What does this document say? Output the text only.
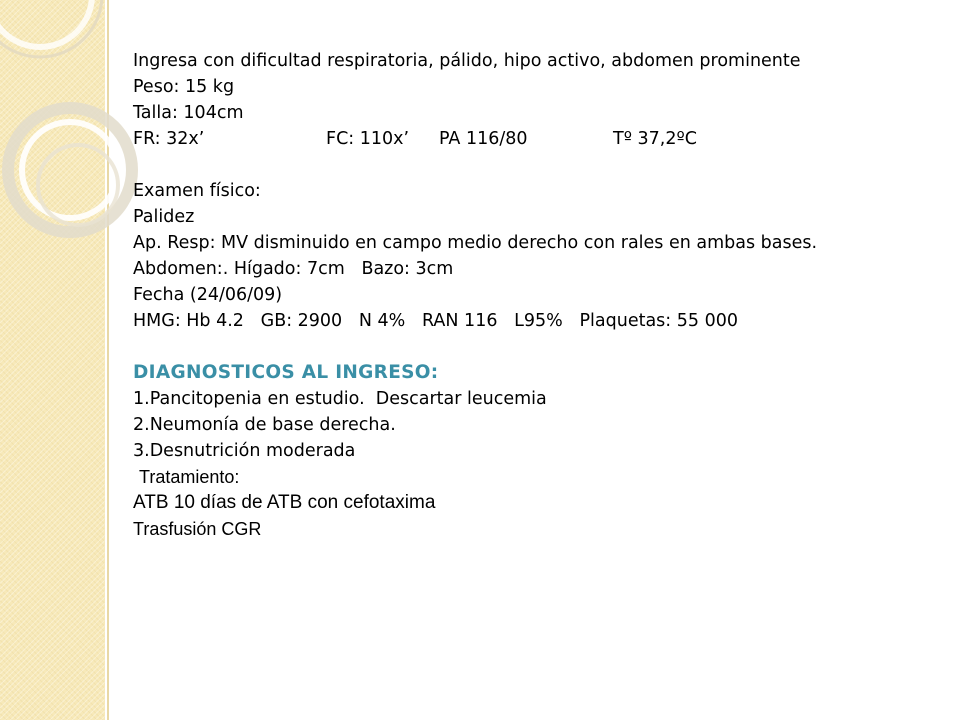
Ingresa con dificultad respiratoria, pálido, hipo activo, abdomen prominente
Peso: 15 kg
Talla: 104cm
FR: 32x’	FC: 110x’ PA 116/80	Tº 37,2ºC
Examen físico:
Palidez
Ap. Resp: MV disminuido en campo medio derecho con rales en ambas bases.
Abdomen:. Hígado: 7cm   Bazo: 3cm
Fecha (24/06/09)
HMG: Hb 4.2   GB: 2900   N 4%   RAN 116   L95%   Plaquetas: 55 000
DIAGNOSTICOS AL INGRESO:
1.Pancitopenia en estudio.  Descartar leucemia
2.Neumonía de base derecha.
3.Desnutrición moderada
Tratamiento:
ATB 10 días de ATB con cefotaxima
Trasfusión CGR
